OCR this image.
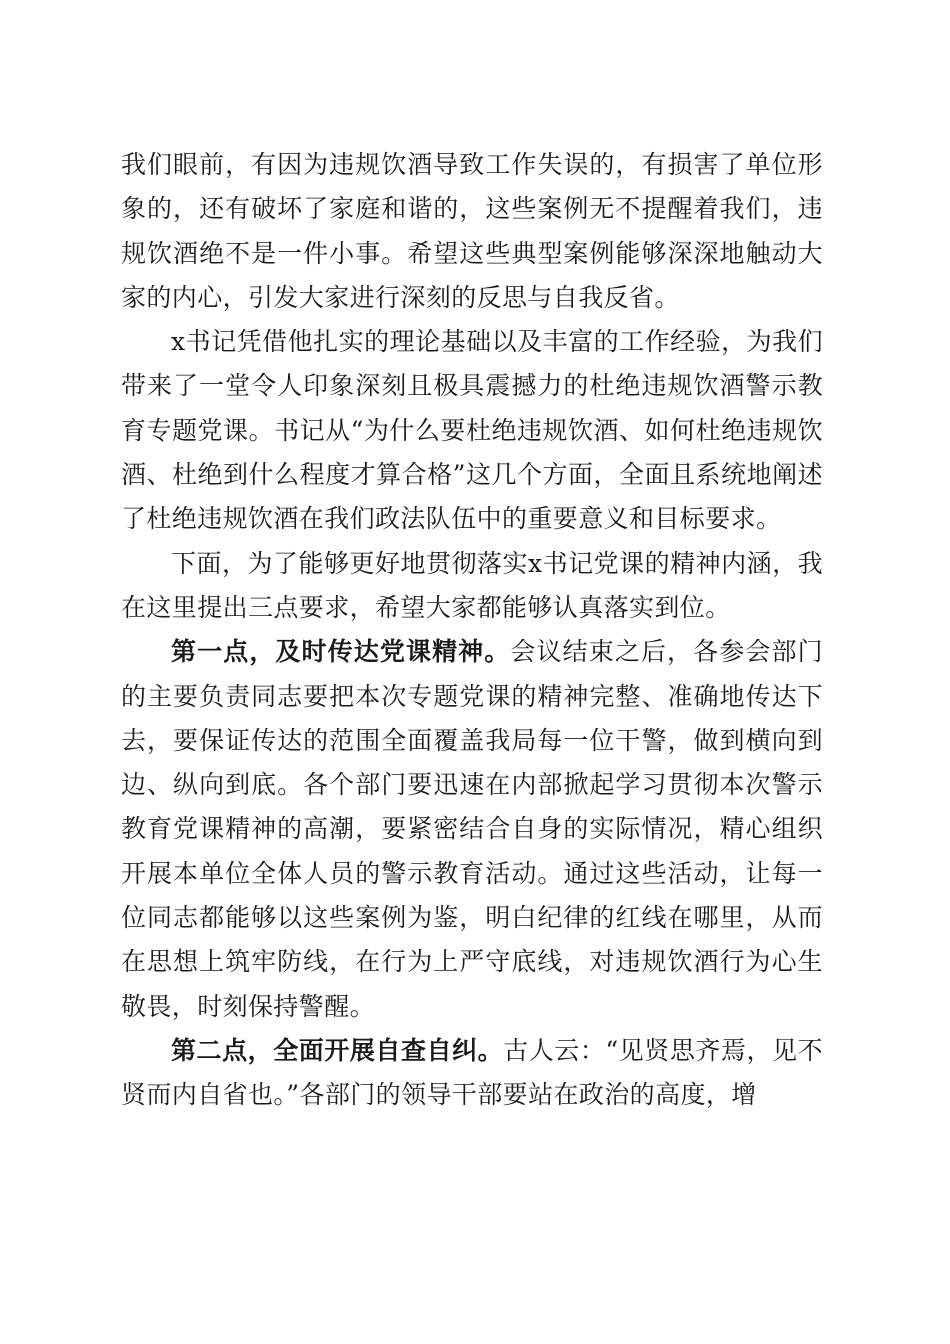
我们眼前，有因为违规饮酒导致工作失误的，有损害了单位形象的，还有破坏了家庭和谐的，这些案例无不提醒着我们，违规饮酒绝不是一件小事。希望这些典型案例能够深深地触动大家的内心，引发大家进行深刻的反思与自我反省。

x书记凭借他扎实的理论基础以及丰富的工作经验，为我们带来了一堂令人印象深刻且极具震撼力的杜绝违规饮酒警示教育专题党课。书记从“为什么要杜绝违规饮酒、如何杜绝违规饮酒、杜绝到什么程度才算合格”这几个方面，全面且系统地阐述了杜绝违规饮酒在我们政法队伍中的重要意义和目标要求。

下面，为了能够更好地贯彻落实x书记党课的精神内涵，我在这里提出三点要求，希望大家都能够认真落实到位。

第一点，及时传达党课精神。会议结束之后，各参会部门的主要负责同志要把本次专题党课的精神完整、准确地传达下去，要保证传达的范围全面覆盖我局每一位干警，做到横向到边、纵向到底。各个部门要迅速在内部掀起学习贯彻本次警示教育党课精神的高潮，要紧密结合自身的实际情况，精心组织开展本单位全体人员的警示教育活动。通过这些活动，让每一位同志都能够以这些案例为鉴，明白纪律的红线在哪里，从而在思想上筑牢防线，在行为上严守底线，对违规饮酒行为心生敬畏，时刻保持警醒。

第二点，全面开展自查自纠。古人云：“见贤思齐焉，见不贤而内自省也。”各部门的领导干部要站在政治的高度，增
